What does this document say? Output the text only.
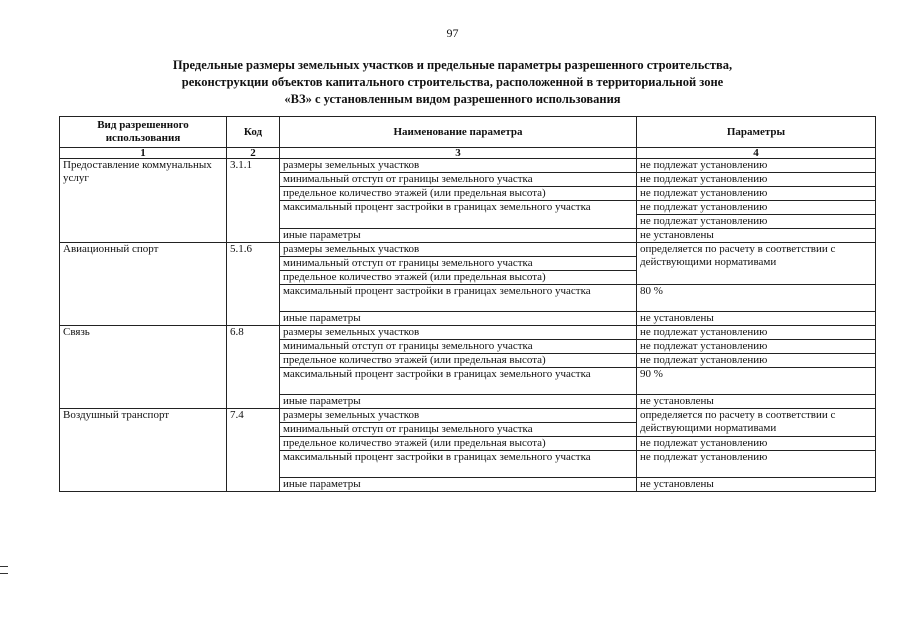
97
Предельные размеры земельных участков и предельные параметры разрешенного строительства,
реконструкции объектов капитального строительства, расположенной в территориальной зоне
«ВЗ» с установленным видом разрешенного использования
Вид разрешенного использования	Код	Наименование параметра	Параметры
1	2	3	4
Предоставление коммунальных услуг	3.1.1	размеры земельных участков	не подлежат установлению
		минимальный отступ от границы земельного участка	не подлежат установлению
		предельное количество этажей (или предельная высота)	не подлежат установлению
		максимальный процент застройки в границах земельного участка	не подлежат установлению
			не подлежат установлению
		иные параметры	не установлены
Авиационный спорт	5.1.6	размеры земельных участков	определяется по расчету в соответствии с действующими нормативами
		минимальный отступ от границы земельного участка	
		предельное количество этажей (или предельная высота)	
		максимальный процент застройки в границах земельного участка	80 %
		иные параметры	не установлены
Связь	6.8	размеры земельных участков	не подлежат установлению
		минимальный отступ от границы земельного участка	не подлежат установлению
		предельное количество этажей (или предельная высота)	не подлежат установлению
		максимальный процент застройки в границах земельного участка	90 %
		иные параметры	не установлены
Воздушный транспорт	7.4	размеры земельных участков	определяется по расчету в соответствии с действующими нормативами
		минимальный отступ от границы земельного участка	
		предельное количество этажей (или предельная высота)	не подлежат установлению
		максимальный процент застройки в границах земельного участка	не подлежат установлению
		иные параметры	не установлены
